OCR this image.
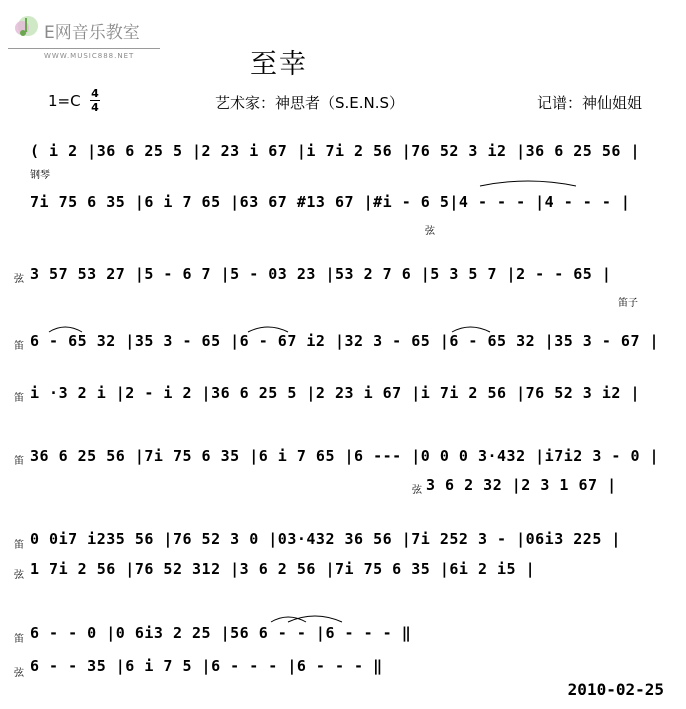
E网音乐教室
WWW.MUSIC888.NET	至幸
1=C 4
4	艺术家：神思者（S.E.N.S）	记谱：神仙姐姐
( i 2 |36 6 25 5 |2 23 i 67 |i 7i 2 56 |76 52 3 i2 |36 6 25 56 |
钢琴
7i 75 6 35 |6 i 7 65 |63 67 #13 67 |#i - 6 5|4 - - - |4 - - - |
弦
弦 3 57 53 27 |5 - 6 7 |5 - 03 23 |53 2 7 6 |5 3 5 7 |2 - - 65 |
笛子
笛 6 - 65 32 |35 3 - 65 |6 - 67 i2 |32 3 - 65 |6 - 65 32 |35 3 - 67 |
笛 i ·3 2 i |2 - i 2 |36 6 25 5 |2 23 i 67 |i 7i 2 56 |76 52 3 i2 |
笛 36 6 25 56 |7i 75 6 35 |6 i 7 65 |6 --- |0 0 0 3·432 |i7i2 3 - 0 |
弦 3 6 2 32 |2 3 1 67 |
笛 0 0i7 i235 56 |76 52 3 0 |03·432 36 56 |7i 252 3 - |06i3 225 |
弦 1 7i 2 56 |76 52 312 |3 6 2 56 |7i 75 6 35 |6i 2 i5 |
笛 6 - - 0 |0 6i3 2 25 |56 6 - - |6 - - - ‖
弦 6 - - 35 |6 i 7 5 |6 - - - |6 - - - ‖
2010-02-25
